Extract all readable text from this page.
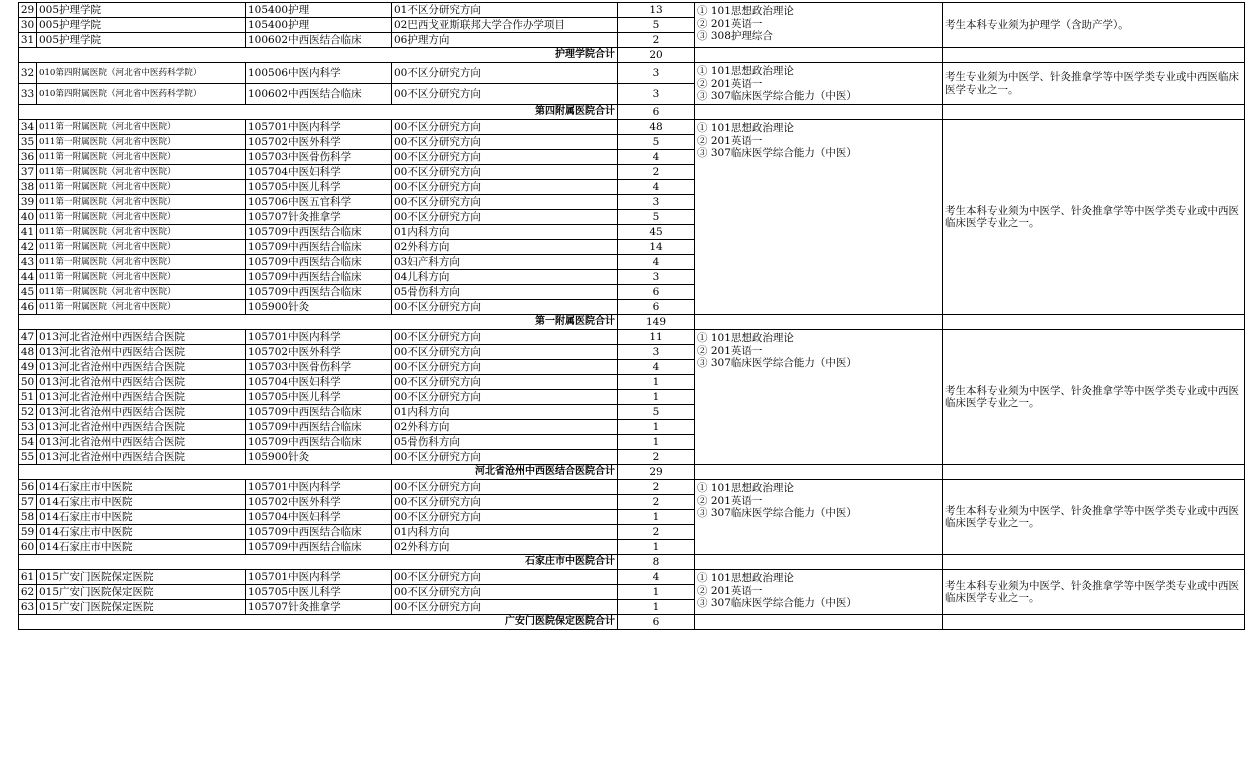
29	005护理学院	105400护理	01不区分研究方向	13	① 101思想政治理论
② 201英语一
③ 308护理综合	考生本科专业须为护理学（含助产学）。
30	005护理学院	105400护理	02巴西戈亚斯联邦大学合作办学项目	5		
31	005护理学院	100602中西医结合临床	06护理方向	2		
护理学院合计				20		
32	010第四附属医院（河北省中医药科学院）	100506中医内科学	00不区分研究方向	3	① 101思想政治理论
② 201英语一
③ 307临床医学综合能力（中医）	考生专业须为中医学、针灸推拿学等中医学类专业或中西医临床医学专业之一。
33	010第四附属医院（河北省中医药科学院）	100602中西医结合临床	00不区分研究方向	3		
第四附属医院合计				6		
34	011第一附属医院（河北省中医院）	105701中医内科学	00不区分研究方向	48	① 101思想政治理论
② 201英语一
③ 307临床医学综合能力（中医）	考生本科专业须为中医学、针灸推拿学等中医学类专业或中西医临床医学专业之一。
35	011第一附属医院（河北省中医院）	105702中医外科学	00不区分研究方向	5		
36	011第一附属医院（河北省中医院）	105703中医骨伤科学	00不区分研究方向	4		
37	011第一附属医院（河北省中医院）	105704中医妇科学	00不区分研究方向	2		
38	011第一附属医院（河北省中医院）	105705中医儿科学	00不区分研究方向	4		
39	011第一附属医院（河北省中医院）	105706中医五官科学	00不区分研究方向	3		
40	011第一附属医院（河北省中医院）	105707针灸推拿学	00不区分研究方向	5		
41	011第一附属医院（河北省中医院）	105709中西医结合临床	01内科方向	45		
42	011第一附属医院（河北省中医院）	105709中西医结合临床	02外科方向	14		
43	011第一附属医院（河北省中医院）	105709中西医结合临床	03妇产科方向	4		
44	011第一附属医院（河北省中医院）	105709中西医结合临床	04儿科方向	3		
45	011第一附属医院（河北省中医院）	105709中西医结合临床	05骨伤科方向	6		
46	011第一附属医院（河北省中医院）	105900针灸	00不区分研究方向	6		
第一附属医院合计				149		
47	013河北省沧州中西医结合医院	105701中医内科学	00不区分研究方向	11	① 101思想政治理论
② 201英语一
③ 307临床医学综合能力（中医）	考生本科专业须为中医学、针灸推拿学等中医学类专业或中西医临床医学专业之一。
48	013河北省沧州中西医结合医院	105702中医外科学	00不区分研究方向	3		
49	013河北省沧州中西医结合医院	105703中医骨伤科学	00不区分研究方向	4		
50	013河北省沧州中西医结合医院	105704中医妇科学	00不区分研究方向	1		
51	013河北省沧州中西医结合医院	105705中医儿科学	00不区分研究方向	1		
52	013河北省沧州中西医结合医院	105709中西医结合临床	01内科方向	5		
53	013河北省沧州中西医结合医院	105709中西医结合临床	02外科方向	1		
54	013河北省沧州中西医结合医院	105709中西医结合临床	05骨伤科方向	1		
55	013河北省沧州中西医结合医院	105900针灸	00不区分研究方向	2		
河北省沧州中西医结合医院合计				29		
56	014石家庄市中医院	105701中医内科学	00不区分研究方向	2	① 101思想政治理论
② 201英语一
③ 307临床医学综合能力（中医）	考生本科专业须为中医学、针灸推拿学等中医学类专业或中西医临床医学专业之一。
57	014石家庄市中医院	105702中医外科学	00不区分研究方向	2		
58	014石家庄市中医院	105704中医妇科学	00不区分研究方向	1		
59	014石家庄市中医院	105709中西医结合临床	01内科方向	2		
60	014石家庄市中医院	105709中西医结合临床	02外科方向	1		
石家庄市中医院合计				8		
61	015广安门医院保定医院	105701中医内科学	00不区分研究方向	4	① 101思想政治理论
② 201英语一
③ 307临床医学综合能力（中医）	考生本科专业须为中医学、针灸推拿学等中医学类专业或中西医临床医学专业之一。
62	015广安门医院保定医院	105705中医儿科学	00不区分研究方向	1		
63	015广安门医院保定医院	105707针灸推拿学	00不区分研究方向	1		
广安门医院保定医院合计				6		
